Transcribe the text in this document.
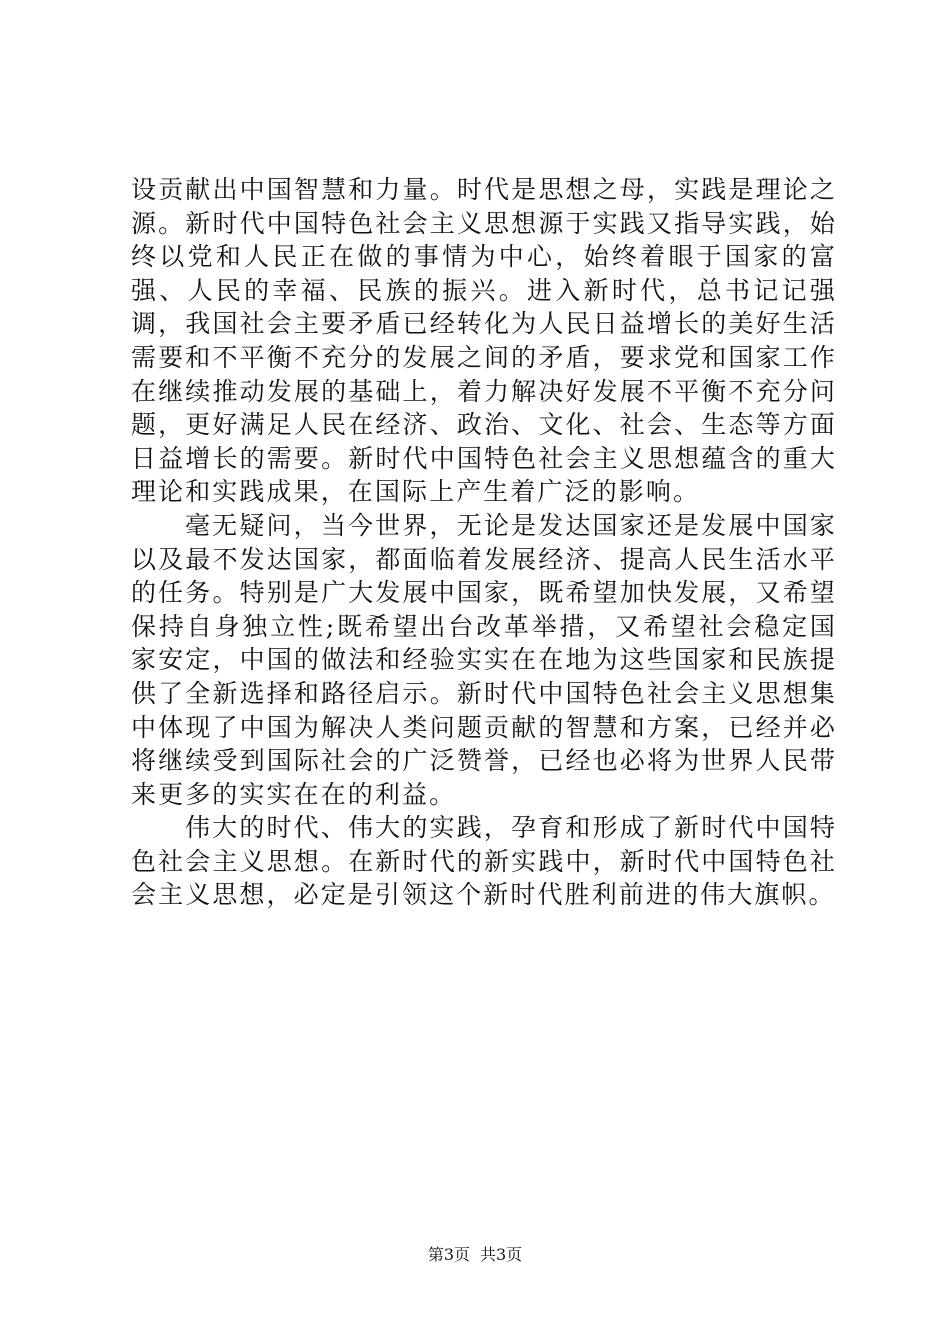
设贡献出中国智慧和力量。时代是思想之母，实践是理论之源。新时代中国特色社会主义思想源于实践又指导实践，始终以党和人民正在做的事情为中心，始终着眼于国家的富强、人民的幸福、民族的振兴。进入新时代，总书记记强调，我国社会主要矛盾已经转化为人民日益增长的美好生活需要和不平衡不充分的发展之间的矛盾，要求党和国家工作在继续推动发展的基础上，着力解决好发展不平衡不充分问题，更好满足人民在经济、政治、文化、社会、生态等方面日益增长的需要。新时代中国特色社会主义思想蕴含的重大理论和实践成果，在国际上产生着广泛的影响。

毫无疑问，当今世界，无论是发达国家还是发展中国家以及最不发达国家，都面临着发展经济、提高人民生活水平的任务。特别是广大发展中国家，既希望加快发展，又希望保持自身独立性;既希望出台改革举措，又希望社会稳定国家安定，中国的做法和经验实实在在地为这些国家和民族提供了全新选择和路径启示。新时代中国特色社会主义思想集中体现了中国为解决人类问题贡献的智慧和方案，已经并必将继续受到国际社会的广泛赞誉，已经也必将为世界人民带来更多的实实在在的利益。

伟大的时代、伟大的实践，孕育和形成了新时代中国特色社会主义思想。在新时代的新实践中，新时代中国特色社会主义思想，必定是引领这个新时代胜利前进的伟大旗帜。

第3页 共3页
